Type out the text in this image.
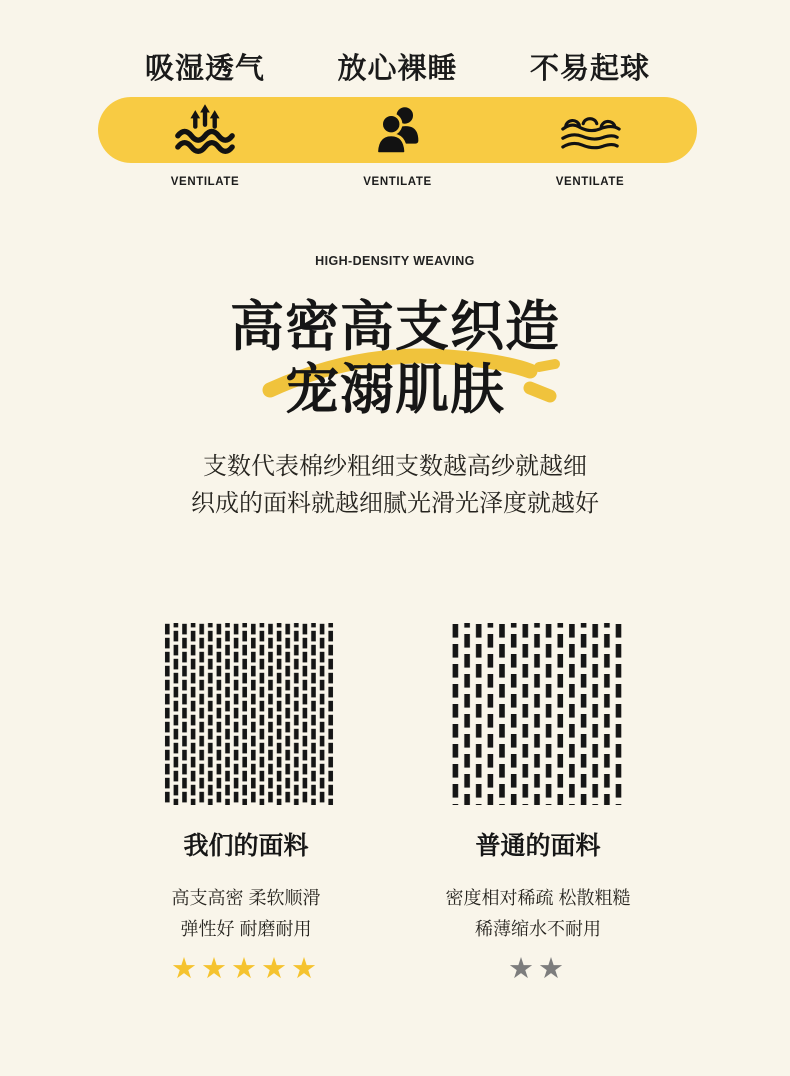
吸湿透气	放心裸睡	不易起球
VENTILATE	VENTILATE	VENTILATE
HIGH-DENSITY WEAVING
高密高支织造
宠溺肌肤
支数代表棉纱粗细支数越高纱就越细
织成的面料就越细腻光滑光泽度就越好
我们的面料
高支高密 柔软顺滑
弹性好 耐磨耐用
★★★★★
普通的面料
密度相对稀疏 松散粗糙
稀薄缩水不耐用
★★
